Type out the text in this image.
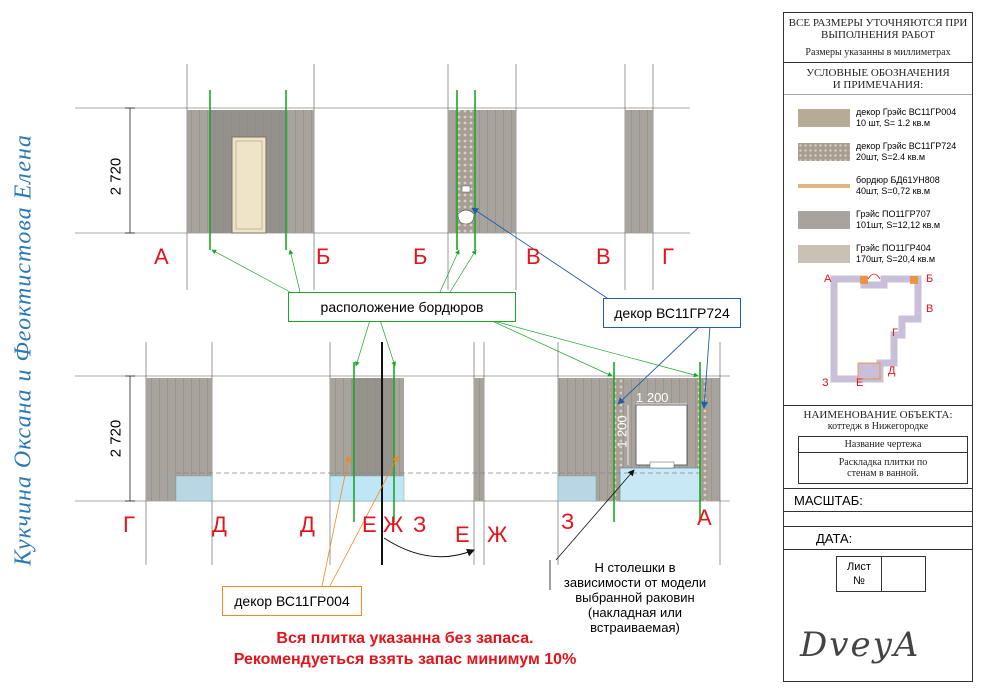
Кукчина Оксана и Феоктистова Елена	2 720
2 720
1 200
1 200
А	Б	Б	В	В Г
Г	Д	Д Е Ж З Е Ж
З	А
расположение бордюров	декор ВС11ГР724
декор ВС11ГР004
Н столешки в зависимости от модели выбранной раковин (накладная или встраиваемая)
Вся плитка указанна без запаса.
Рекомендуеться взять запас минимум 10%
ВСЕ РАЗМЕРЫ УТОЧНЯЮТСЯ ПРИ
ВЫПОЛНЕНИЯ РАБОТ
Размеры указанны в миллиметрах
УСЛОВНЫЕ ОБОЗНАЧЕНИЯ
И ПРИМЕЧАНИЯ:
декор Грэйс ВС11ГР004
10 шт, S= 1.2 кв.м
декор Грэйс ВС11ГР724
20шт, S=2.4 кв.м
бордюр БД61УН808
40шт, S=0,72 кв.м
Грэйс ПО11ГР707
101шт, S=12,12 кв.м
Грэйс ПО11ГР404
170шт, S=20,4 кв.м
А	Б
В
Г
Д
Е
З
НАИМЕНОВАНИЕ ОБЪЕКТА:
коттедж в Нижегородке
Название чертежа
Раскладка плитки по
стенам в ванной.
МАСШТАБ:
ДАТА:
Лист
№
DveyA
